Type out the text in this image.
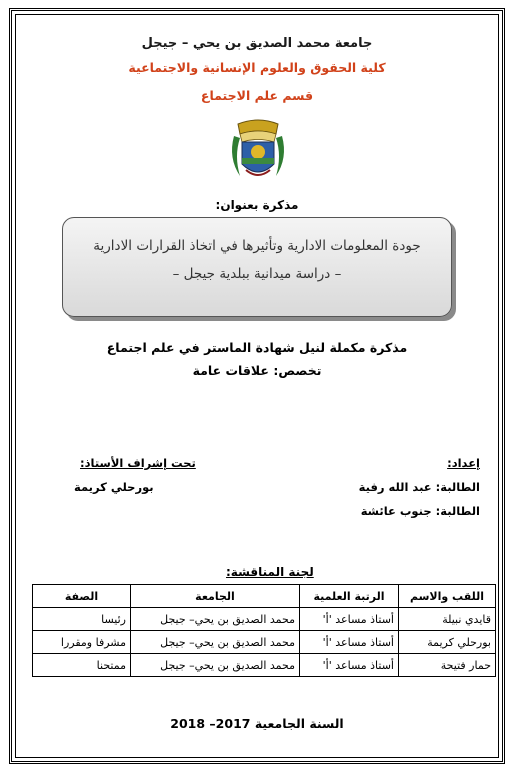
جامعة محمد الصديق بن يحي – جيجل
كلية الحقوق والعلوم الإنسانية والاجتماعية
قسم علم الاجتماع
مذكرة بعنوان:
جودة المعلومات الادارية وتأثيرها في اتخاذ القرارات الادارية
– دراسة ميدانية ببلدية جيجل –
مذكرة مكملة لنيل شهادة الماستر في علم اجتماع
تخصص: علاقات عامة
إعداد:
الطالبة: عبد الله رفية
الطالبة: جنوب عائشة
تحت إشراف الأستاذ:
بورحلي كريمة
لجنة المناقشة:
اللقب والاسم	الرتبة العلمية	الجامعة	الصفة
قايدي نبيلة	أستاذ مساعد 'أ'	محمد الصديق بن يحي– جيجل	رئيسا
بورحلي كريمة	أستاذ مساعد 'أ'	محمد الصديق بن يحي– جيجل	مشرفا ومقررا
حمار فتيحة	أستاذ مساعد 'أ'	محمد الصديق بن يحي– جيجل	ممتحنا
السنة الجامعية 2017– 2018
